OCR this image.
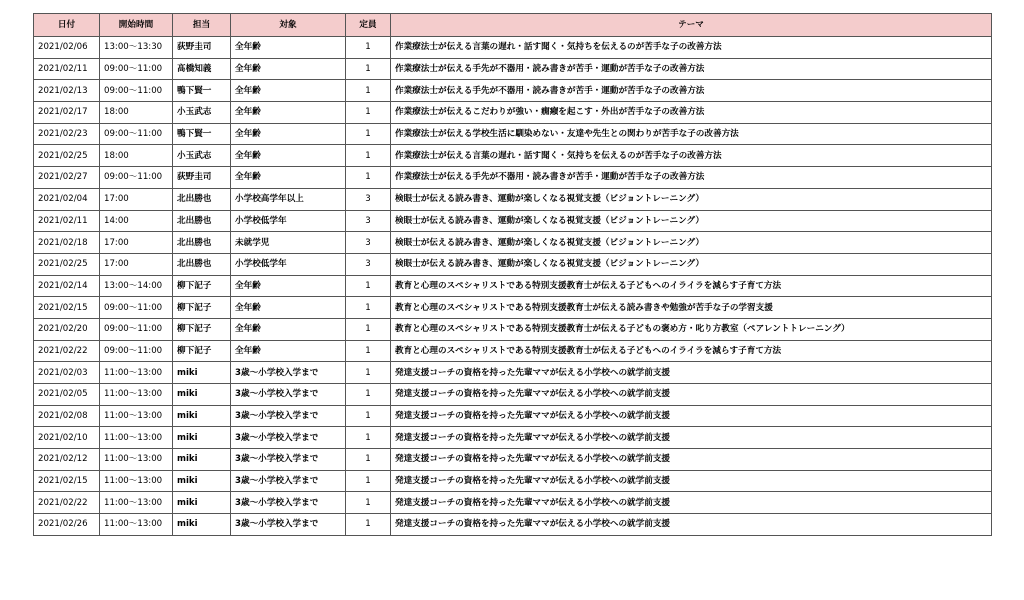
日付	開始時間	担当	対象	定員	テーマ
2021/02/06	13:00～13:30	荻野圭司	全年齢	1	作業療法士が伝える言葉の遅れ・話す聞く・気持ちを伝えるのが苦手な子の改善方法
2021/02/11	09:00～11:00	髙橋知義	全年齢	1	作業療法士が伝える手先が不器用・読み書きが苦手・運動が苦手な子の改善方法
2021/02/13	09:00～11:00	鴨下賢一	全年齢	1	作業療法士が伝える手先が不器用・読み書きが苦手・運動が苦手な子の改善方法
2021/02/17	18:00	小玉武志	全年齢	1	作業療法士が伝えるこだわりが強い・癇癪を起こす・外出が苦手な子の改善方法
2021/02/23	09:00～11:00	鴨下賢一	全年齢	1	作業療法士が伝える学校生活に馴染めない・友達や先生との関わりが苦手な子の改善方法
2021/02/25	18:00	小玉武志	全年齢	1	作業療法士が伝える言葉の遅れ・話す聞く・気持ちを伝えるのが苦手な子の改善方法
2021/02/27	09:00～11:00	荻野圭司	全年齢	1	作業療法士が伝える手先が不器用・読み書きが苦手・運動が苦手な子の改善方法
2021/02/04	17:00	北出勝也	小学校高学年以上	3	検眼士が伝える読み書き、運動が楽しくなる視覚支援（ビジョントレーニング）
2021/02/11	14:00	北出勝也	小学校低学年	3	検眼士が伝える読み書き、運動が楽しくなる視覚支援（ビジョントレーニング）
2021/02/18	17:00	北出勝也	未就学児	3	検眼士が伝える読み書き、運動が楽しくなる視覚支援（ビジョントレーニング）
2021/02/25	17:00	北出勝也	小学校低学年	3	検眼士が伝える読み書き、運動が楽しくなる視覚支援（ビジョントレーニング）
2021/02/14	13:00～14:00	柳下記子	全年齢	1	教育と心理のスペシャリストである特別支援教育士が伝える子どもへのイライラを減らす子育て方法
2021/02/15	09:00～11:00	柳下記子	全年齢	1	教育と心理のスペシャリストである特別支援教育士が伝える読み書きや勉強が苦手な子の学習支援
2021/02/20	09:00～11:00	柳下記子	全年齢	1	教育と心理のスペシャリストである特別支援教育士が伝える子どもの褒め方・叱り方教室（ペアレントトレーニング）
2021/02/22	09:00～11:00	柳下記子	全年齢	1	教育と心理のスペシャリストである特別支援教育士が伝える子どもへのイライラを減らす子育て方法
2021/02/03	11:00～13:00	miki	3歳～小学校入学まで	1	発達支援コーチの資格を持った先輩ママが伝える小学校への就学前支援
2021/02/05	11:00～13:00	miki	3歳～小学校入学まで	1	発達支援コーチの資格を持った先輩ママが伝える小学校への就学前支援
2021/02/08	11:00～13:00	miki	3歳～小学校入学まで	1	発達支援コーチの資格を持った先輩ママが伝える小学校への就学前支援
2021/02/10	11:00～13:00	miki	3歳～小学校入学まで	1	発達支援コーチの資格を持った先輩ママが伝える小学校への就学前支援
2021/02/12	11:00～13:00	miki	3歳～小学校入学まで	1	発達支援コーチの資格を持った先輩ママが伝える小学校への就学前支援
2021/02/15	11:00～13:00	miki	3歳～小学校入学まで	1	発達支援コーチの資格を持った先輩ママが伝える小学校への就学前支援
2021/02/22	11:00～13:00	miki	3歳～小学校入学まで	1	発達支援コーチの資格を持った先輩ママが伝える小学校への就学前支援
2021/02/26	11:00～13:00	miki	3歳～小学校入学まで	1	発達支援コーチの資格を持った先輩ママが伝える小学校への就学前支援
